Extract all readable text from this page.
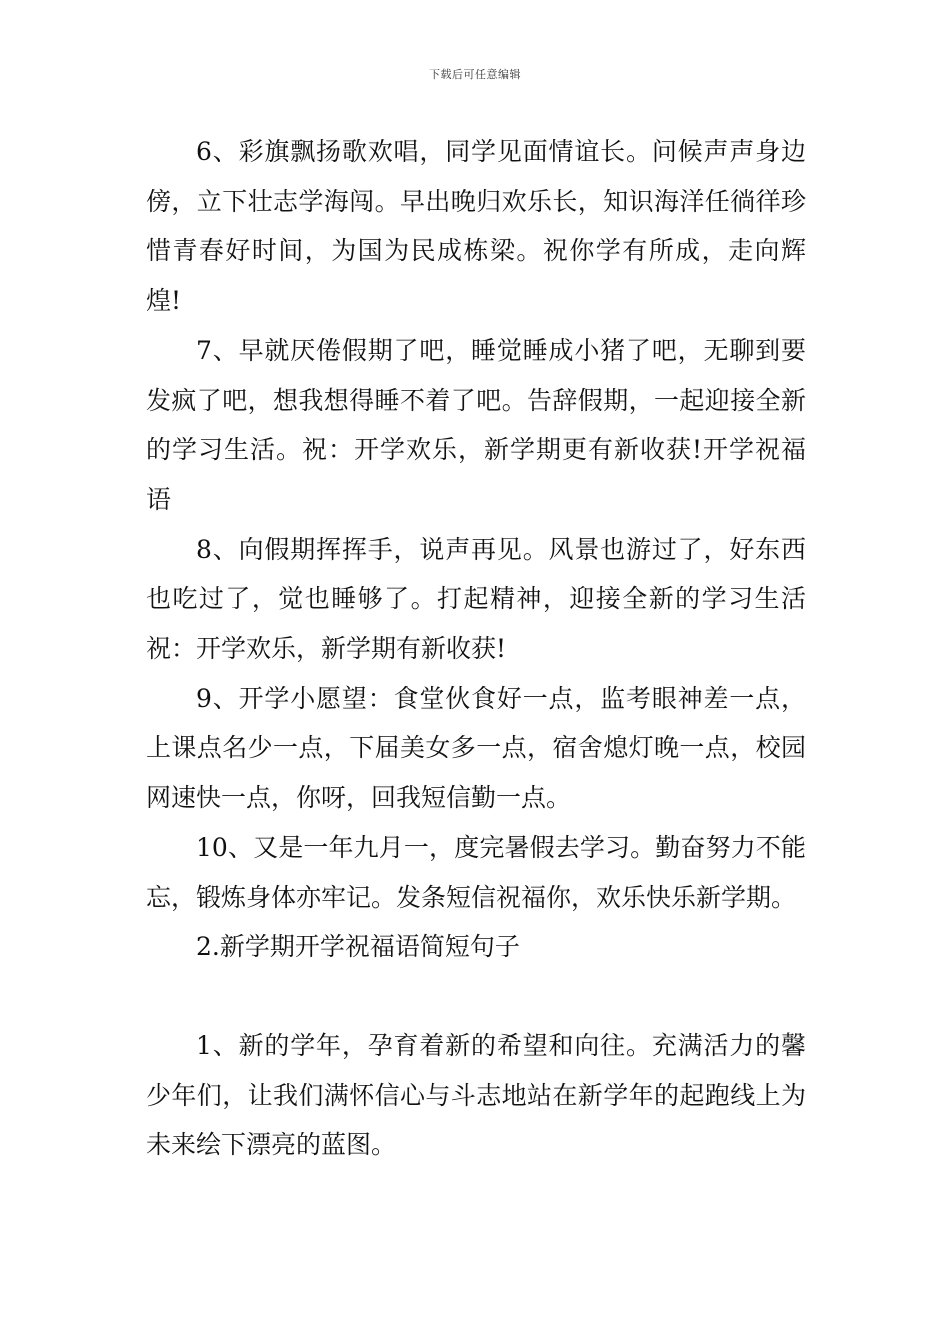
下载后可任意编辑

6、彩旗飘扬歌欢唱，同学见面情谊长。问候声声身边傍，立下壮志学海闯。早出晚归欢乐长，知识海洋任徜徉珍惜青春好时间，为国为民成栋梁。祝你学有所成，走向辉煌!

7、早就厌倦假期了吧，睡觉睡成小猪了吧，无聊到要发疯了吧，想我想得睡不着了吧。告辞假期，一起迎接全新的学习生活。祝：开学欢乐，新学期更有新收获!开学祝福语

8、向假期挥挥手，说声再见。风景也游过了，好东西也吃过了，觉也睡够了。打起精神，迎接全新的学习生活祝：开学欢乐，新学期有新收获!

9、开学小愿望：食堂伙食好一点，监考眼神差一点，上课点名少一点，下届美女多一点，宿舍熄灯晚一点，校园网速快一点，你呀，回我短信勤一点。

10、又是一年九月一，度完暑假去学习。勤奋努力不能忘，锻炼身体亦牢记。发条短信祝福你，欢乐快乐新学期。

2.新学期开学祝福语简短句子

1、新的学年，孕育着新的希望和向往。充满活力的馨少年们，让我们满怀信心与斗志地站在新学年的起跑线上为未来绘下漂亮的蓝图。
